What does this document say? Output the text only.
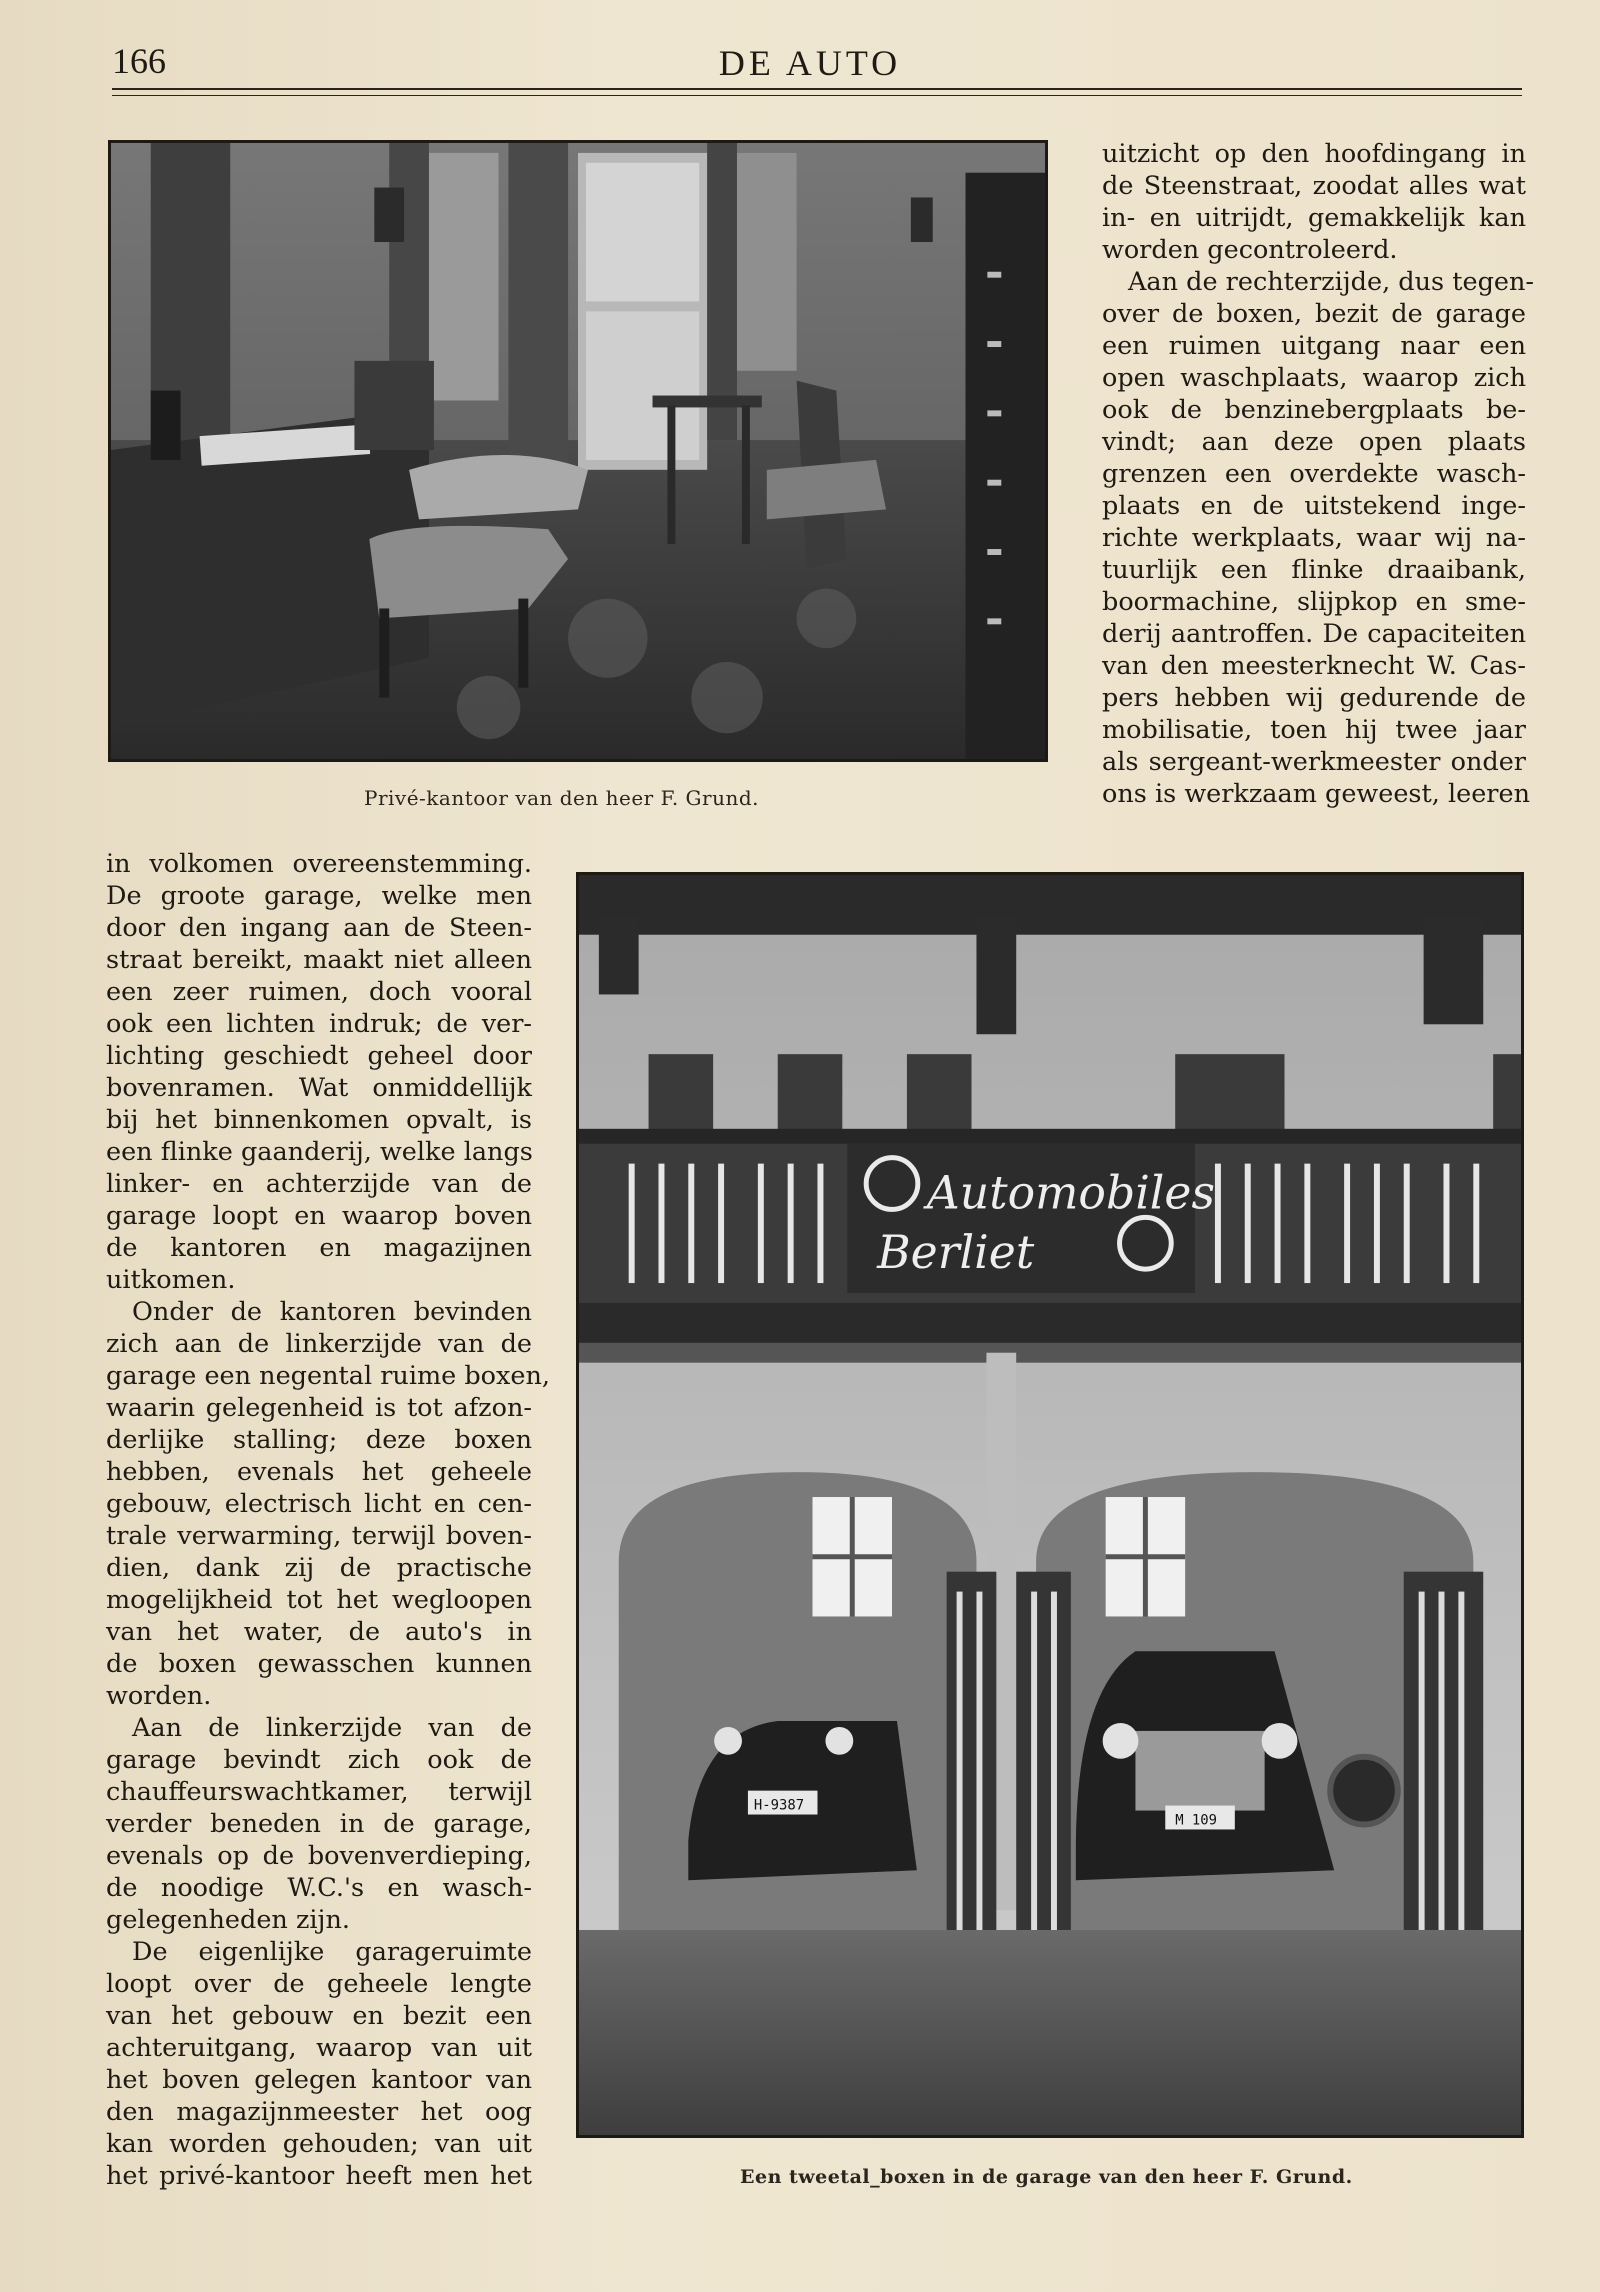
166	DE AUTO
Privé-kantoor van den heer F. Grund.

uitzicht op den hoofdingang in
de Steenstraat, zoodat alles wat
in- en uitrijdt, gemakkelijk kan
worden gecontroleerd.

Aan de rechterzijde, dus tegen-
over de boxen, bezit de garage
een ruimen uitgang naar een
open waschplaats, waarop zich
ook de benzinebergplaats be-
vindt; aan deze open plaats
grenzen een overdekte wasch-
plaats en de uitstekend inge-
richte werkplaats, waar wij na-
tuurlijk een flinke draaibank,
boormachine, slijpkop en sme-
derij aantroffen. De capaciteiten
van den meesterknecht W. Cas-
pers hebben wij gedurende de
mobilisatie, toen hij twee jaar
als sergeant-werkmeester onder
ons is werkzaam geweest, leeren

in volkomen overeenstemming.
De groote garage, welke men
door den ingang aan de Steen-
straat bereikt, maakt niet alleen
een zeer ruimen, doch vooral
ook een lichten indruk; de ver-
lichting geschiedt geheel door
bovenramen. Wat onmiddellijk
bij het binnenkomen opvalt, is
een flinke gaanderij, welke langs
linker- en achterzijde van de
garage loopt en waarop boven
de kantoren en magazijnen
uitkomen.

Onder de kantoren bevinden
zich aan de linkerzijde van de
garage een negental ruime boxen,
waarin gelegenheid is tot afzon-
derlijke stalling; deze boxen
hebben, evenals het geheele
gebouw, electrisch licht en cen-
trale verwarming, terwijl boven-
dien, dank zij de practische
mogelijkheid tot het wegloopen
van het water, de auto's in
de boxen gewasschen kunnen
worden.

Aan de linkerzijde van de
garage bevindt zich ook de
chauffeurswachtkamer, terwijl
verder beneden in de garage,
evenals op de bovenverdieping,
de noodige W.C.'s en wasch-
gelegenheden zijn.

De eigenlijke garageruimte
loopt over de geheele lengte
van het gebouw en bezit een
achteruitgang, waarop van uit
het boven gelegen kantoor van
den magazijnmeester het oog
kan worden gehouden; van uit
het privé-kantoor heeft men het

Automobiles
Berliet
H-9387
M 109
Een tweetal_boxen in de garage van den heer F. Grund.
